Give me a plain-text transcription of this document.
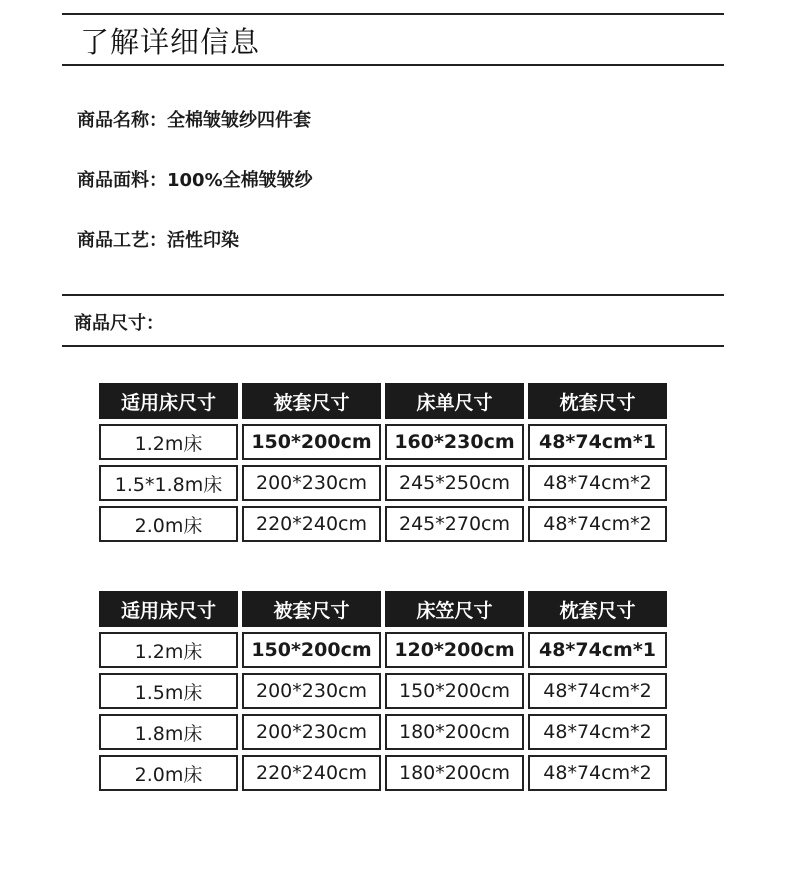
了解详细信息
商品名称：全棉皱皱纱四件套
商品面料：100%全棉皱皱纱
商品工艺：活性印染
商品尺寸：
适用床尺寸	被套尺寸	床单尺寸	枕套尺寸
1.2m床	150*200cm	160*230cm	48*74cm*1
1.5*1.8m床	200*230cm	245*250cm	48*74cm*2
2.0m床	220*240cm	245*270cm	48*74cm*2
适用床尺寸	被套尺寸	床笠尺寸	枕套尺寸
1.2m床	150*200cm	120*200cm	48*74cm*1
1.5m床	200*230cm	150*200cm	48*74cm*2
1.8m床	200*230cm	180*200cm	48*74cm*2
2.0m床	220*240cm	180*200cm	48*74cm*2
